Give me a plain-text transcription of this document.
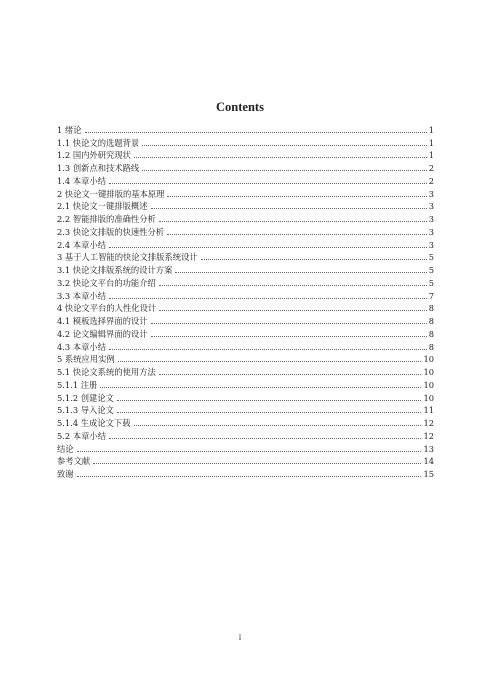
Contents
1 绪论	1
1.1 快论文的选题背景	1
1.2 国内外研究现状	1
1.3 创新点和技术路线	2
1.4 本章小结	2
2 快论文一键排版的基本原理	3
2.1 快论文一键排版概述	3
2.2 智能排版的准确性分析	3
2.3 快论文排版的快速性分析	3
2.4 本章小结	3
3 基于人工智能的快论文排版系统设计	5
3.1 快论文排版系统的设计方案	5
3.2 快论文平台的功能介绍	5
3.3 本章小结	7
4 快论文平台的人性化设计	8
4.1 模板选择界面的设计	8
4.2 论文编辑界面的设计	8
4.3 本章小结	8
5 系统应用实例	10
5.1 快论文系统的使用方法	10
5.1.1 注册	10
5.1.2 创建论文	10
5.1.3 导入论文	11
5.1.4 生成论文下载	12
5.2 本章小结	12
结论	13
参考文献	14
致谢	15
I
